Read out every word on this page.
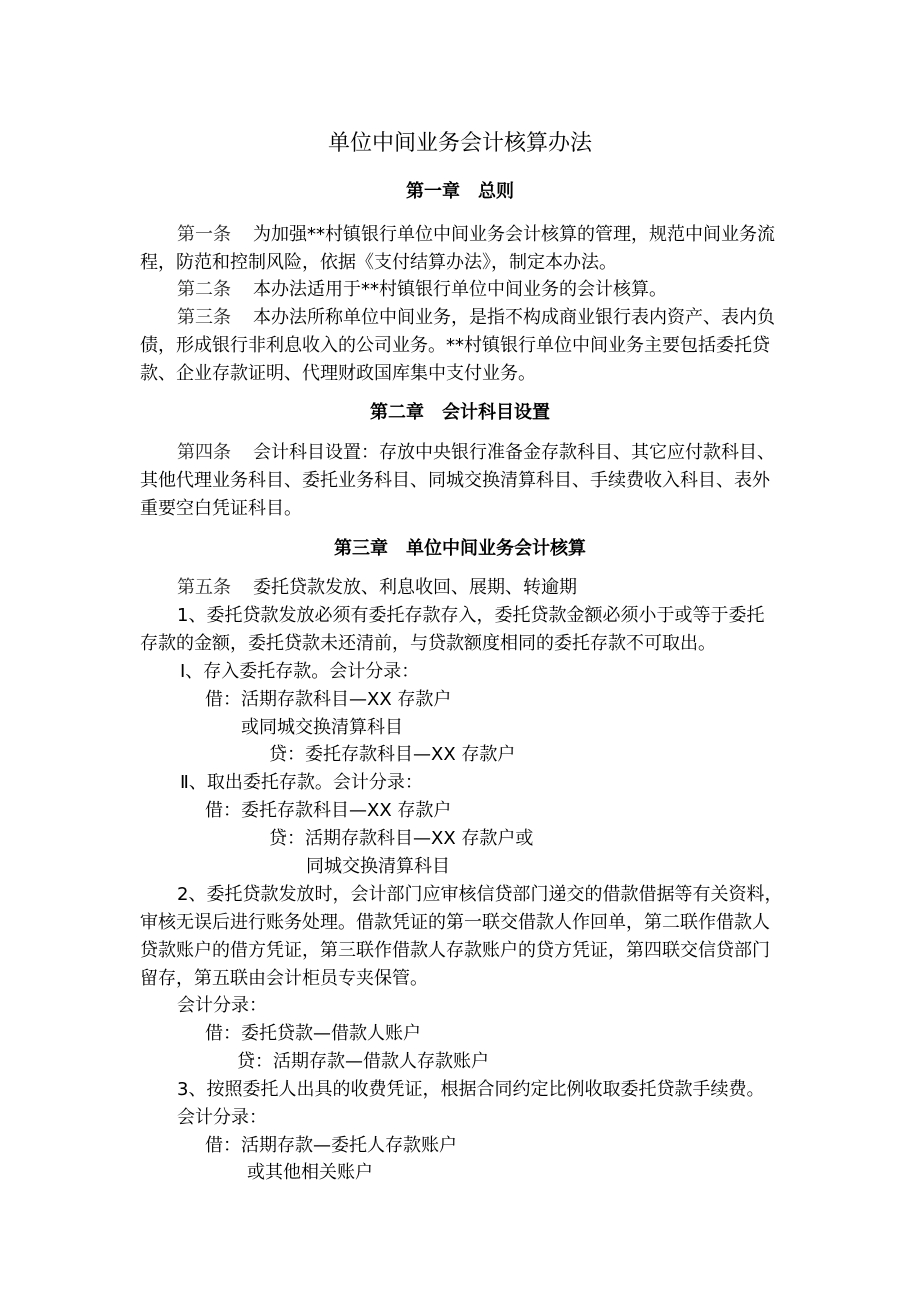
单位中间业务会计核算办法
第一章　总则
第一条 为加强**村镇银行单位中间业务会计核算的管理，规范中间业务流
程，防范和控制风险，依据《支付结算办法》，制定本办法。
第二条 本办法适用于**村镇银行单位中间业务的会计核算。
第三条 本办法所称单位中间业务，是指不构成商业银行表内资产、表内负
债，形成银行非利息收入的公司业务。**村镇银行单位中间业务主要包括委托贷
款、企业存款证明、代理财政国库集中支付业务。
第二章　会计科目设置
第四条 会计科目设置：存放中央银行准备金存款科目、其它应付款科目、
其他代理业务科目、委托业务科目、同城交换清算科目、手续费收入科目、表外
重要空白凭证科目。
第三章　单位中间业务会计核算
第五条 委托贷款发放、利息收回、展期、转逾期
1、委托贷款发放必须有委托存款存入，委托贷款金额必须小于或等于委托
存款的金额，委托贷款未还清前，与贷款额度相同的委托存款不可取出。
Ⅰ、存入委托存款。会计分录：
借：活期存款科目—XX 存款户
或同城交换清算科目
贷：委托存款科目—XX 存款户
Ⅱ、取出委托存款。会计分录：
借：委托存款科目—XX 存款户
贷：活期存款科目—XX 存款户或
同城交换清算科目
2、委托贷款发放时，会计部门应审核信贷部门递交的借款借据等有关资料，
审核无误后进行账务处理。借款凭证的第一联交借款人作回单，第二联作借款人
贷款账户的借方凭证，第三联作借款人存款账户的贷方凭证，第四联交信贷部门
留存，第五联由会计柜员专夹保管。
会计分录：
借：委托贷款—借款人账户
贷：活期存款—借款人存款账户
3、按照委托人出具的收费凭证，根据合同约定比例收取委托贷款手续费。
会计分录：
借：活期存款—委托人存款账户
或其他相关账户
